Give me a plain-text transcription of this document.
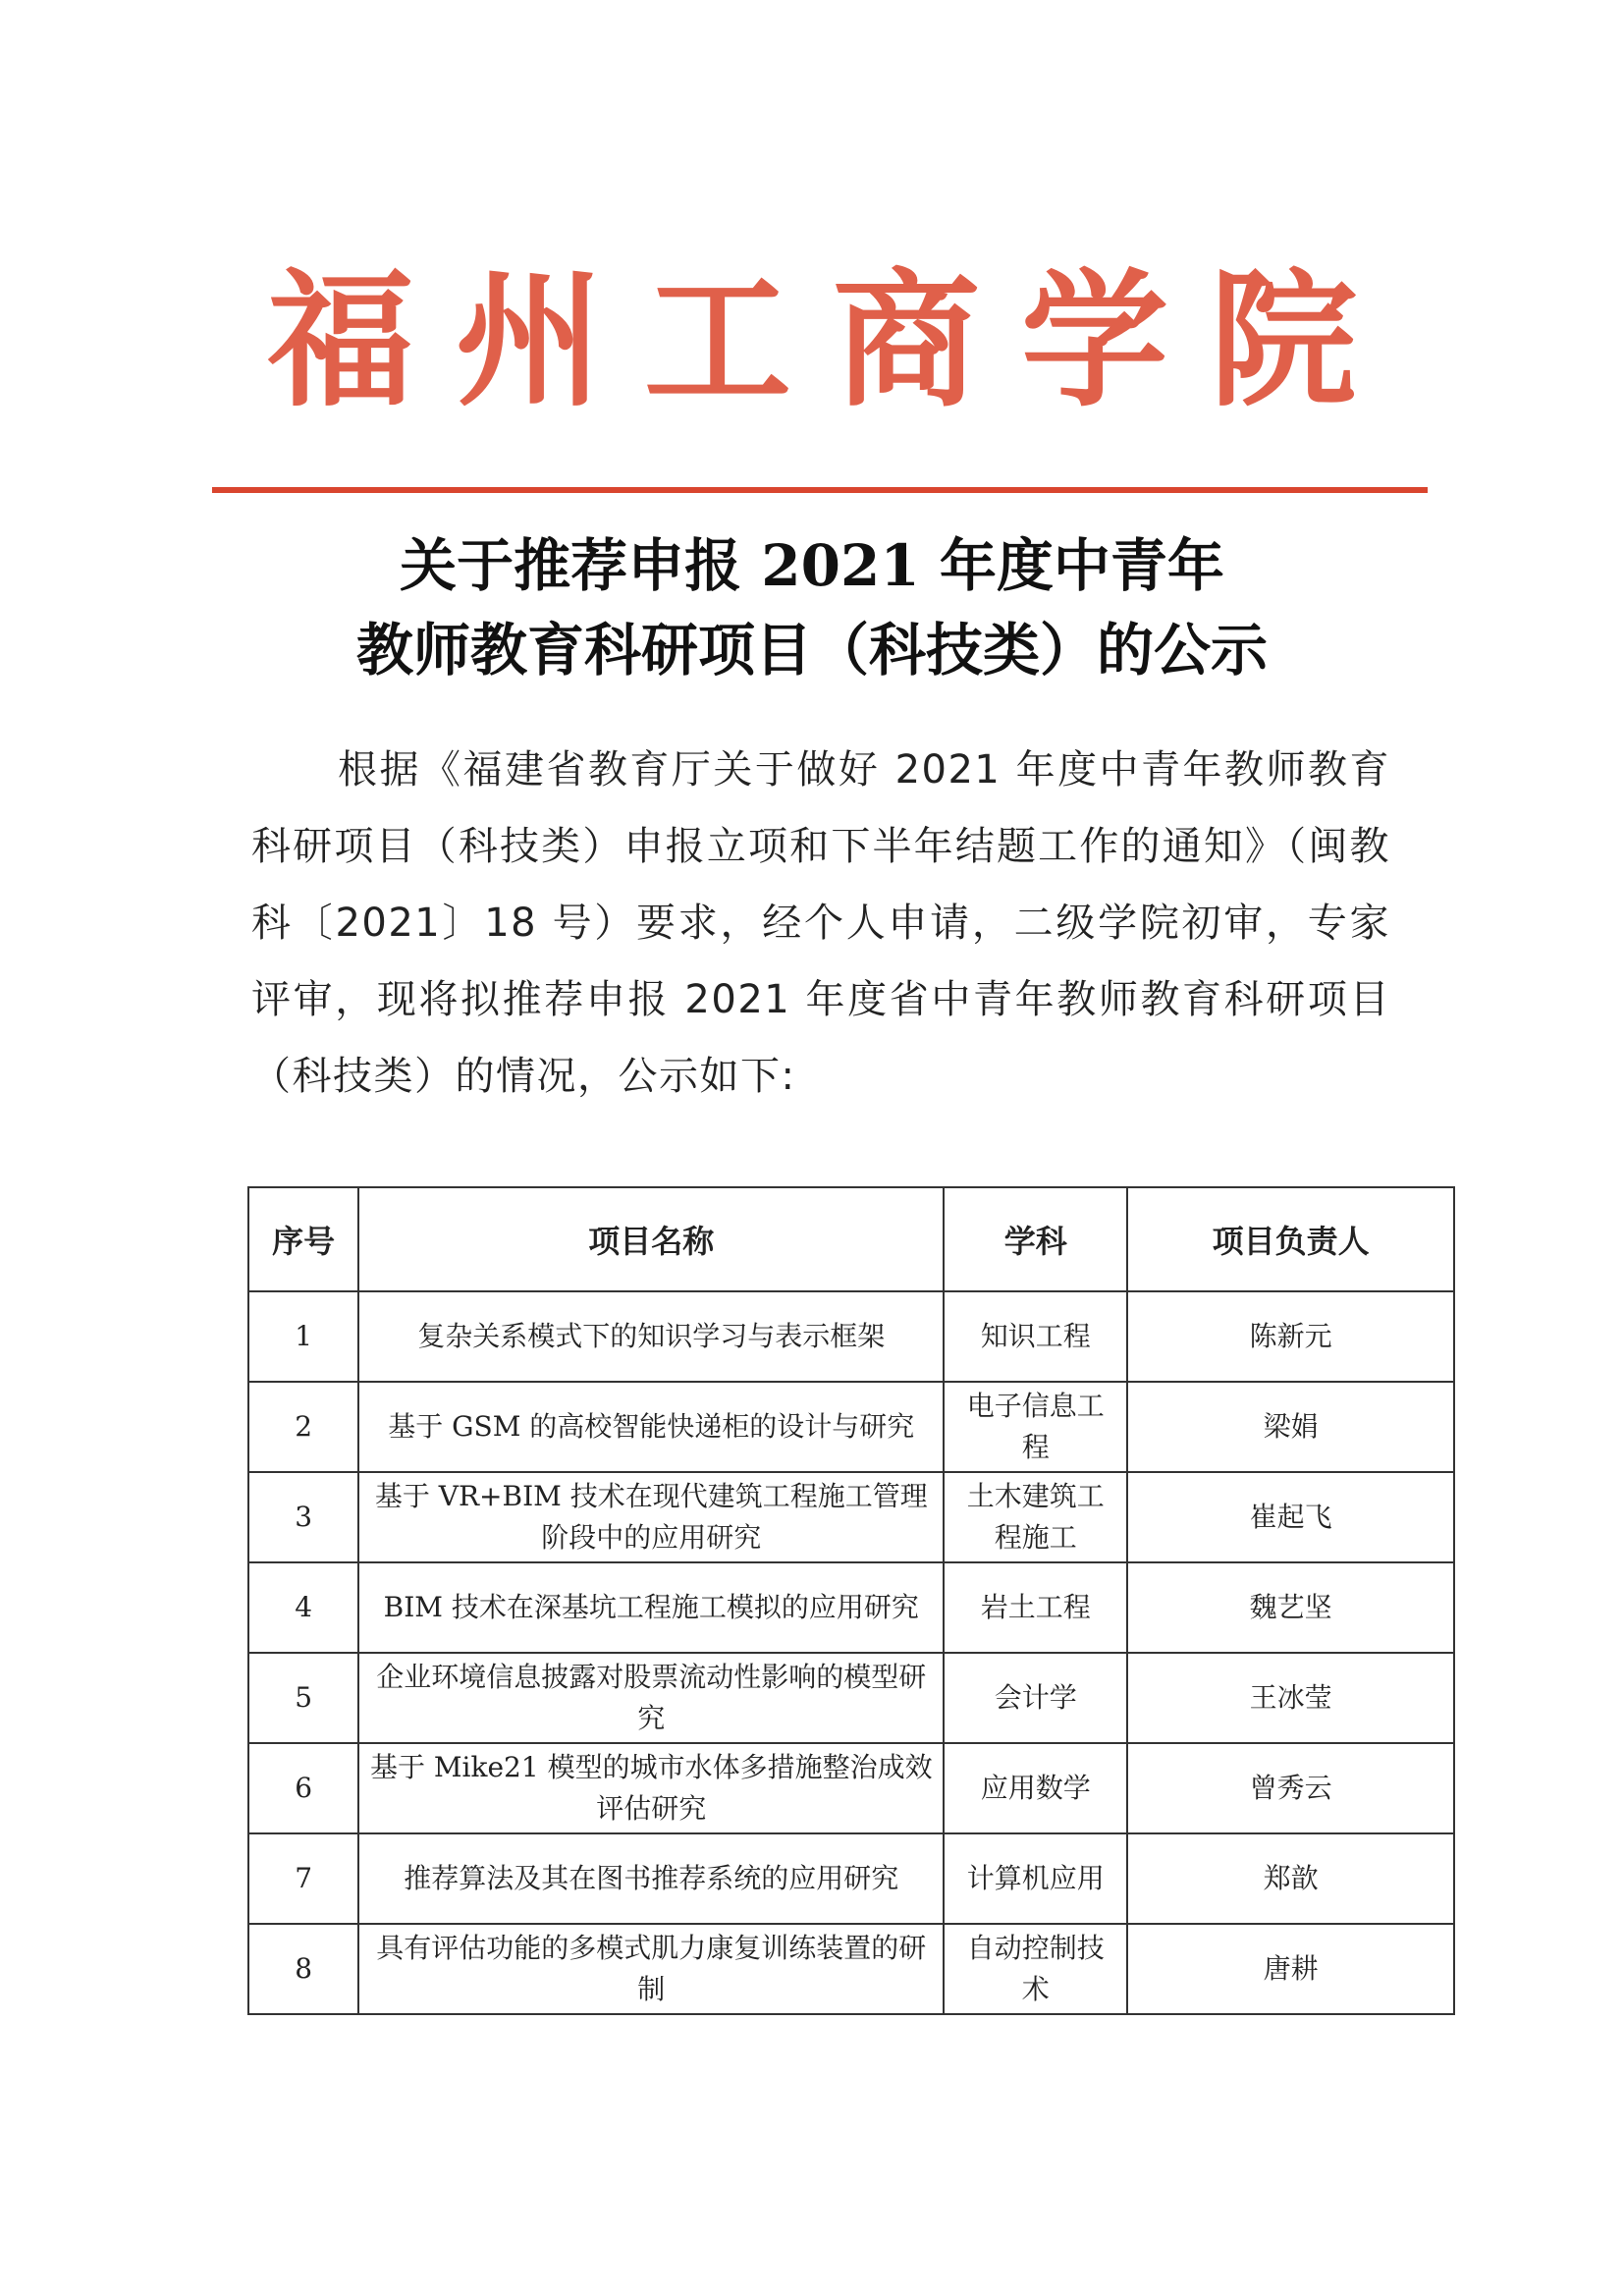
福州工商学院
关于推荐申报 2021 年度中青年
教师教育科研项目（科技类）的公示

根据《福建省教育厅关于做好 2021 年度中青年教师教育科研项目（科技类）申报立项和下半年结题工作的通知》（闽教科〔2021〕18 号）要求，经个人申请，二级学院初审，专家评审，现将拟推荐申报 2021 年度省中青年教师教育科研项目（科技类）的情况，公示如下:

序号	项目名称	学科	项目负责人
1	复杂关系模式下的知识学习与表示框架	知识工程	陈新元
2	基于 GSM 的高校智能快递柜的设计与研究	电子信息工程	梁娟
3	基于 VR+BIM 技术在现代建筑工程施工管理阶段中的应用研究	土木建筑工程施工	崔起飞
4	BIM 技术在深基坑工程施工模拟的应用研究	岩土工程	魏艺坚
5	企业环境信息披露对股票流动性影响的模型研究	会计学	王冰莹
6	基于 Mike21 模型的城市水体多措施整治成效评估研究	应用数学	曾秀云
7	推荐算法及其在图书推荐系统的应用研究	计算机应用	郑歆
8	具有评估功能的多模式肌力康复训练装置的研制	自动控制技术	唐耕
